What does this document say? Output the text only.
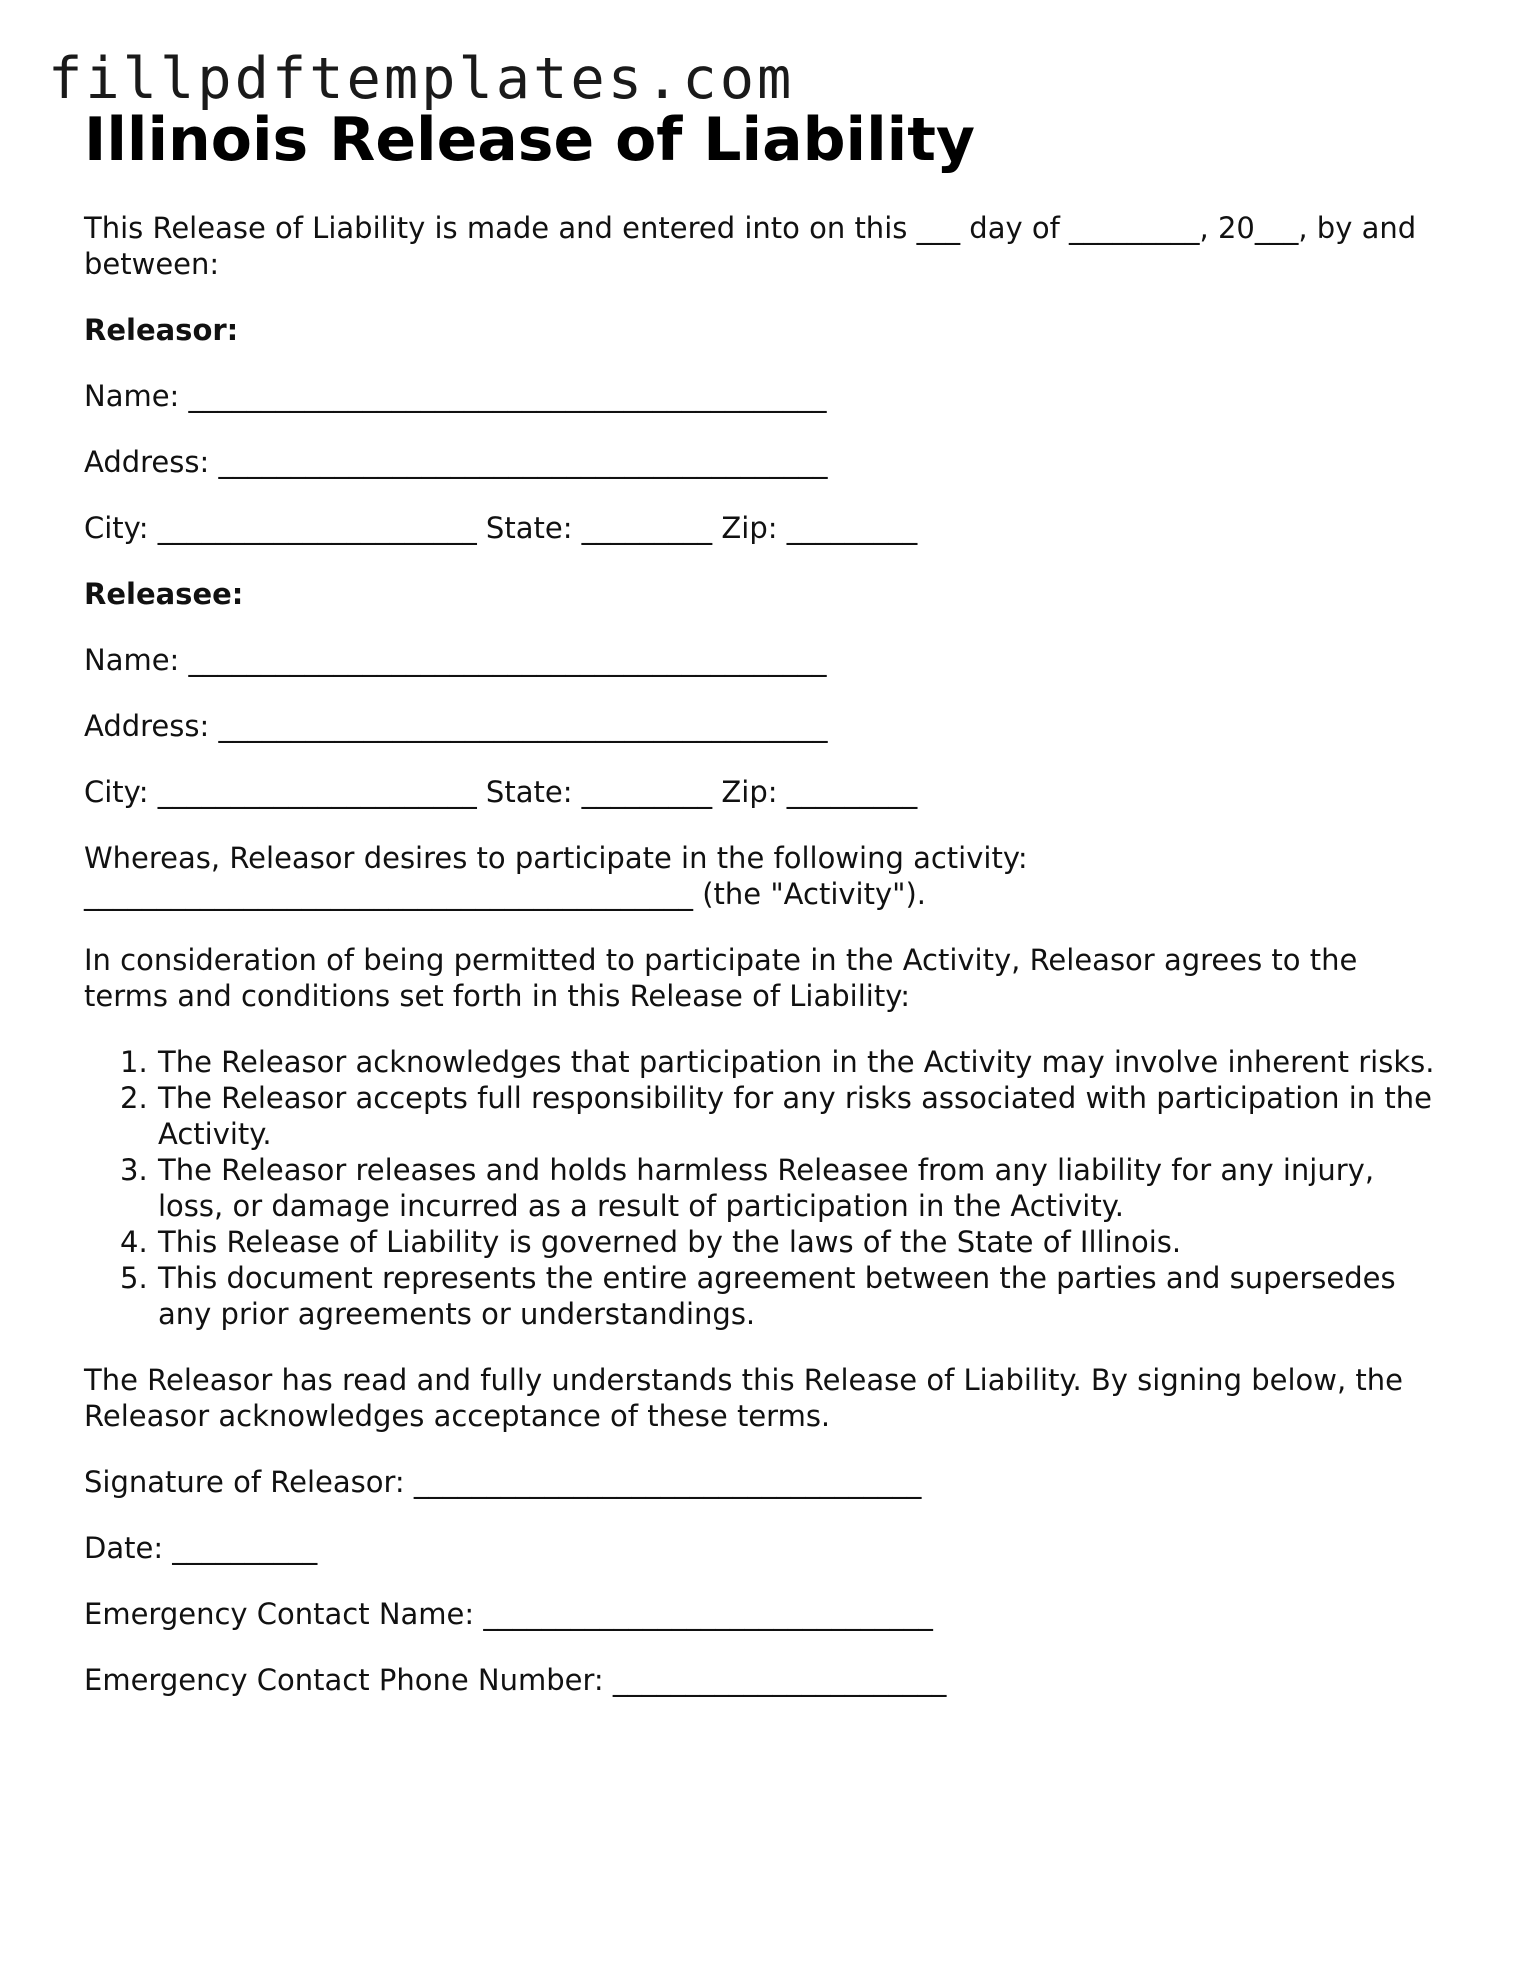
fillpdftemplates.com
Illinois Release of Liability
This Release of Liability is made and entered into on this ___ day of _________, 20___, by and between:
Releasor:
Name: ____________________________________________
Address: __________________________________________
City: ______________________ State: _________ Zip: _________
Releasee:
Name: ____________________________________________
Address: __________________________________________
City: ______________________ State: _________ Zip: _________
Whereas, Releasor desires to participate in the following activity:
__________________________________________ (the "Activity").
In consideration of being permitted to participate in the Activity, Releasor agrees to the terms and conditions set forth in this Release of Liability:
1. The Releasor acknowledges that participation in the Activity may involve inherent risks.
2. The Releasor accepts full responsibility for any risks associated with participation in the Activity.
3. The Releasor releases and holds harmless Releasee from any liability for any injury, loss, or damage incurred as a result of participation in the Activity.
4. This Release of Liability is governed by the laws of the State of Illinois.
5. This document represents the entire agreement between the parties and supersedes any prior agreements or understandings.
The Releasor has read and fully understands this Release of Liability. By signing below, the Releasor acknowledges acceptance of these terms.
Signature of Releasor: ___________________________________
Date: __________
Emergency Contact Name: _______________________________
Emergency Contact Phone Number: _______________________
